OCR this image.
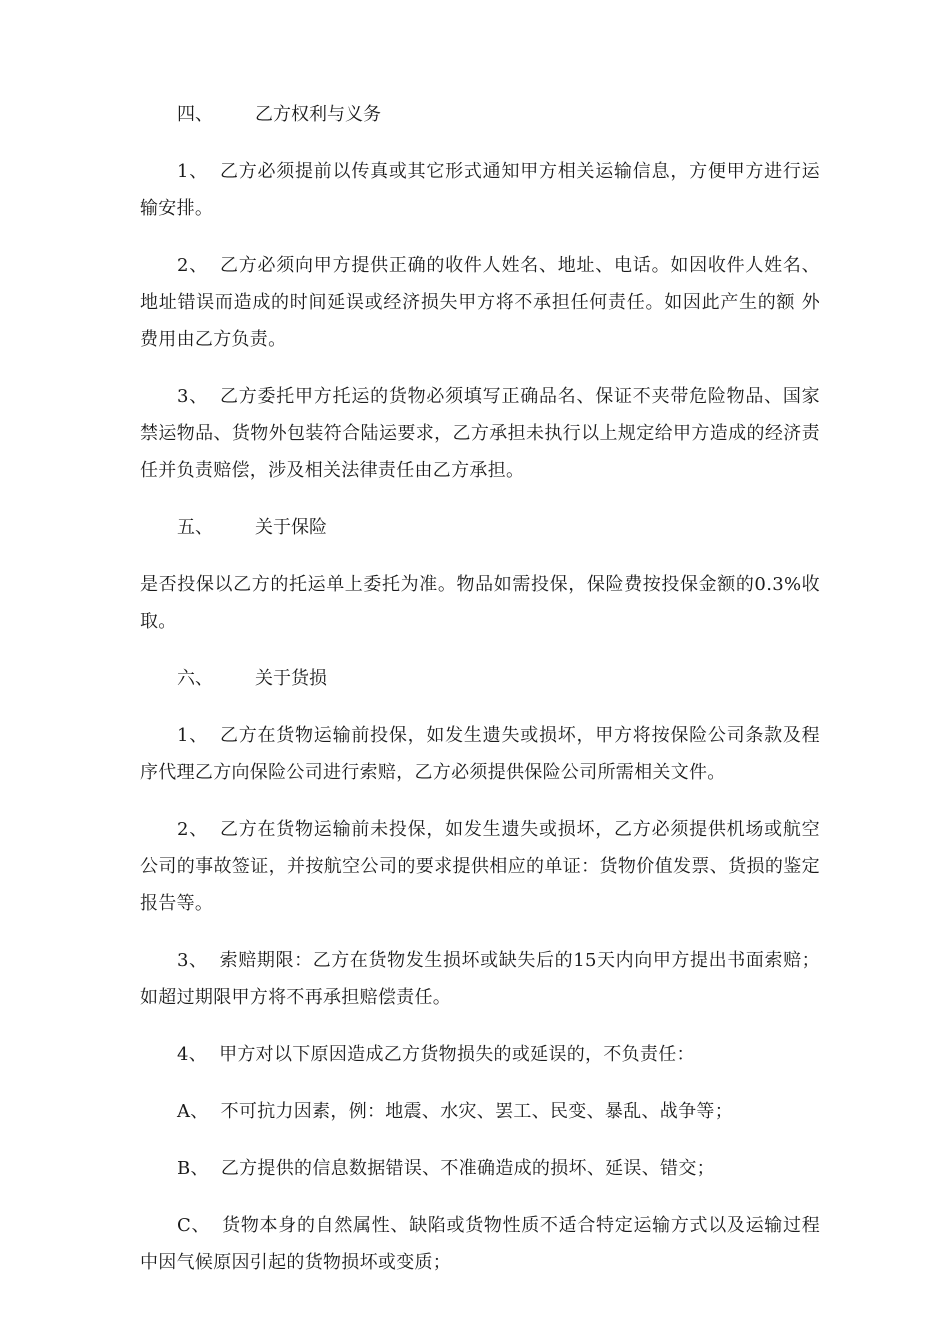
四、 乙方权利与义务

1、 乙方必须提前以传真或其它形式通知甲方相关运输信息，方便甲方进行运输安排。

2、 乙方必须向甲方提供正确的收件人姓名、地址、电话。如因收件人姓名、 地址错误而造成的时间延误或经济损失甲方将不承担任何责任。如因此产生的额 外费用由乙方负责。

3、 乙方委托甲方托运的货物必须填写正确品名、保证不夹带危险物品、国家禁运物品、货物外包装符合陆运要求，乙方承担未执行以上规定给甲方造成的经济责任并负责赔偿，涉及相关法律责任由乙方承担。

五、 关于保险

是否投保以乙方的托运单上委托为准。物品如需投保，保险费按投保金额的0.3%收取。

六、 关于货损

1、 乙方在货物运输前投保，如发生遗失或损坏，甲方将按保险公司条款及程序代理乙方向保险公司进行索赔，乙方必须提供保险公司所需相关文件。

2、 乙方在货物运输前未投保，如发生遗失或损坏，乙方必须提供机场或航空公司的事故签证，并按航空公司的要求提供相应的单证：货物价值发票、货损的鉴定报告等。

3、 索赔期限：乙方在货物发生损坏或缺失后的15天内向甲方提出书面索赔；如超过期限甲方将不再承担赔偿责任。

4、 甲方对以下原因造成乙方货物损失的或延误的，不负责任：

A、 不可抗力因素，例：地震、水灾、罢工、民变、暴乱、战争等；

B、 乙方提供的信息数据错误、不准确造成的损坏、延误、错交；

C、 货物本身的自然属性、缺陷或货物性质不适合特定运输方式以及运输过程中因气候原因引起的货物损坏或变质；
